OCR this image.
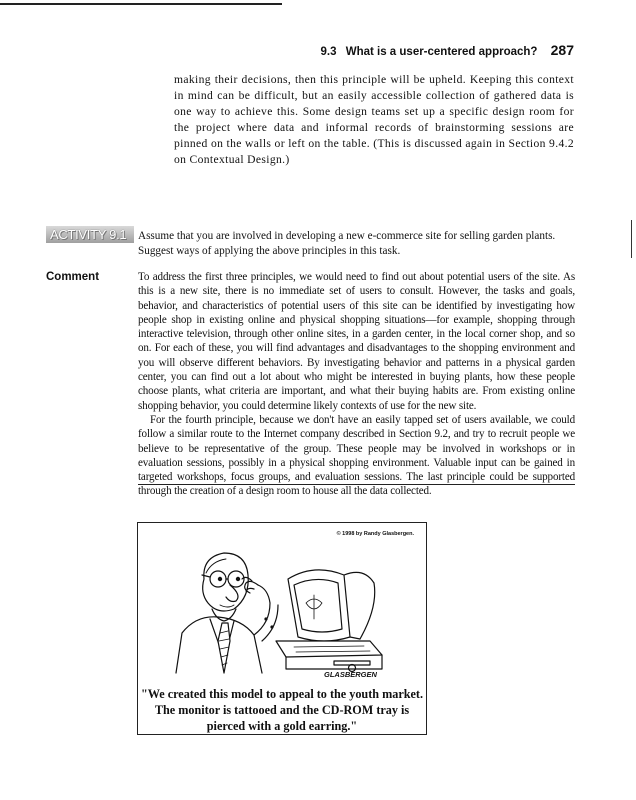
9.3 What is a user-centered approach? 287
making their decisions, then this principle will be upheld. Keeping this context in mind can be difficult, but an easily accessible collection of gathered data is one way to achieve this. Some design teams set up a specific design room for the project where data and informal records of brainstorming sessions are pinned on the walls or left on the table. (This is discussed again in Section 9.4.2 on Contextual Design.)
ACTIVITY 9.1	Assume that you are involved in developing a new e-commerce site for selling garden plants. Suggest ways of applying the above principles in this task.
Comment	To address the first three principles, we would need to find out about potential users of the site. As this is a new site, there is no immediate set of users to consult. However, the tasks and goals, behavior, and characteristics of potential users of this site can be identified by investigating how people shop in existing online and physical shopping situations—for example, shopping through interactive television, through other online sites, in a garden center, in the local corner shop, and so on. For each of these, you will find advantages and disadvantages to the shopping environment and you will observe different behaviors. By investigating behavior and patterns in a physical garden center, you can find out a lot about who might be interested in buying plants, how these people choose plants, what criteria are important, and what their buying habits are. From existing online shopping behavior, you could determine likely contexts of use for the new site.

For the fourth principle, because we don't have an easily tapped set of users available, we could follow a similar route to the Internet company described in Section 9.2, and try to recruit people we believe to be representative of the group. These people may be involved in workshops or in evaluation sessions, possibly in a physical shopping environment. Valuable input can be gained in targeted workshops, focus groups, and evaluation sessions. The last principle could be supported through the creation of a design room to house all the data collected.

© 1998 by Randy Glasbergen.
GLASBERGEN
"We created this model to appeal to the youth market. The monitor is tattooed and the CD-ROM tray is pierced with a gold earring."
